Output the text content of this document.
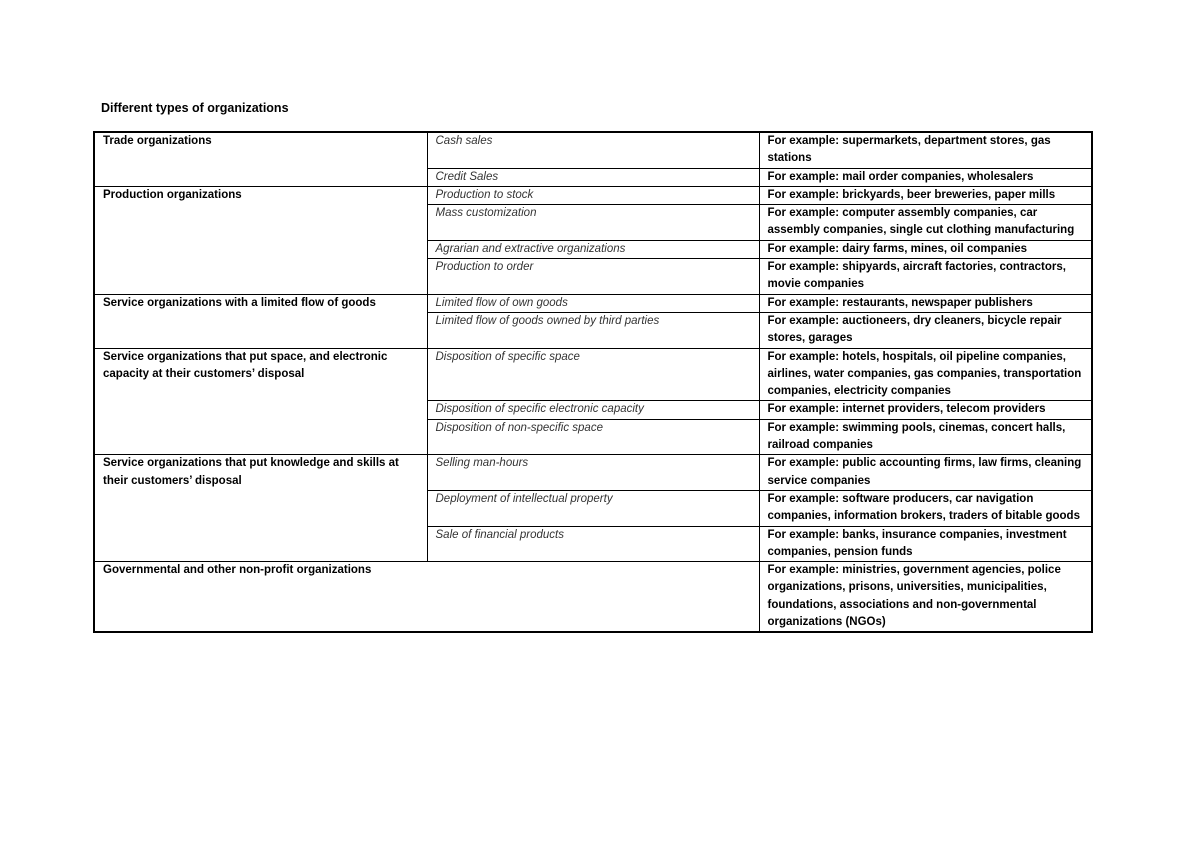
Different types of organizations
Trade organizations	Cash sales	For example: supermarkets, department stores, gas stations
	Credit Sales	For example: mail order companies, wholesalers
Production organizations	Production to stock	For example: brickyards, beer breweries, paper mills
	Mass customization	For example: computer assembly companies, car assembly companies, single cut clothing manufacturing
	Agrarian and extractive organizations	For example: dairy farms, mines, oil companies
	Production to order	For example: shipyards, aircraft factories, contractors, movie companies
Service organizations with a limited flow of goods	Limited flow of own goods	For example: restaurants, newspaper publishers
	Limited flow of goods owned by third parties	For example: auctioneers, dry cleaners, bicycle repair stores, garages
Service organizations that put space, and electronic capacity at their customers’ disposal	Disposition of specific space	For example: hotels, hospitals, oil pipeline companies, airlines, water companies, gas companies, transportation companies, electricity companies
	Disposition of specific electronic capacity	For example: internet providers, telecom providers
	Disposition of non-specific space	For example: swimming pools, cinemas, concert halls, railroad companies
Service organizations that put knowledge and skills at their customers’ disposal	Selling man-hours	For example: public accounting firms, law firms, cleaning service companies
	Deployment of intellectual property	For example: software producers, car navigation companies, information brokers, traders of bitable goods
	Sale of financial products	For example: banks, insurance companies, investment companies, pension funds
Governmental and other non-profit organizations		For example: ministries, government agencies, police organizations, prisons, universities, municipalities, foundations, associations and non-governmental organizations (NGOs)
